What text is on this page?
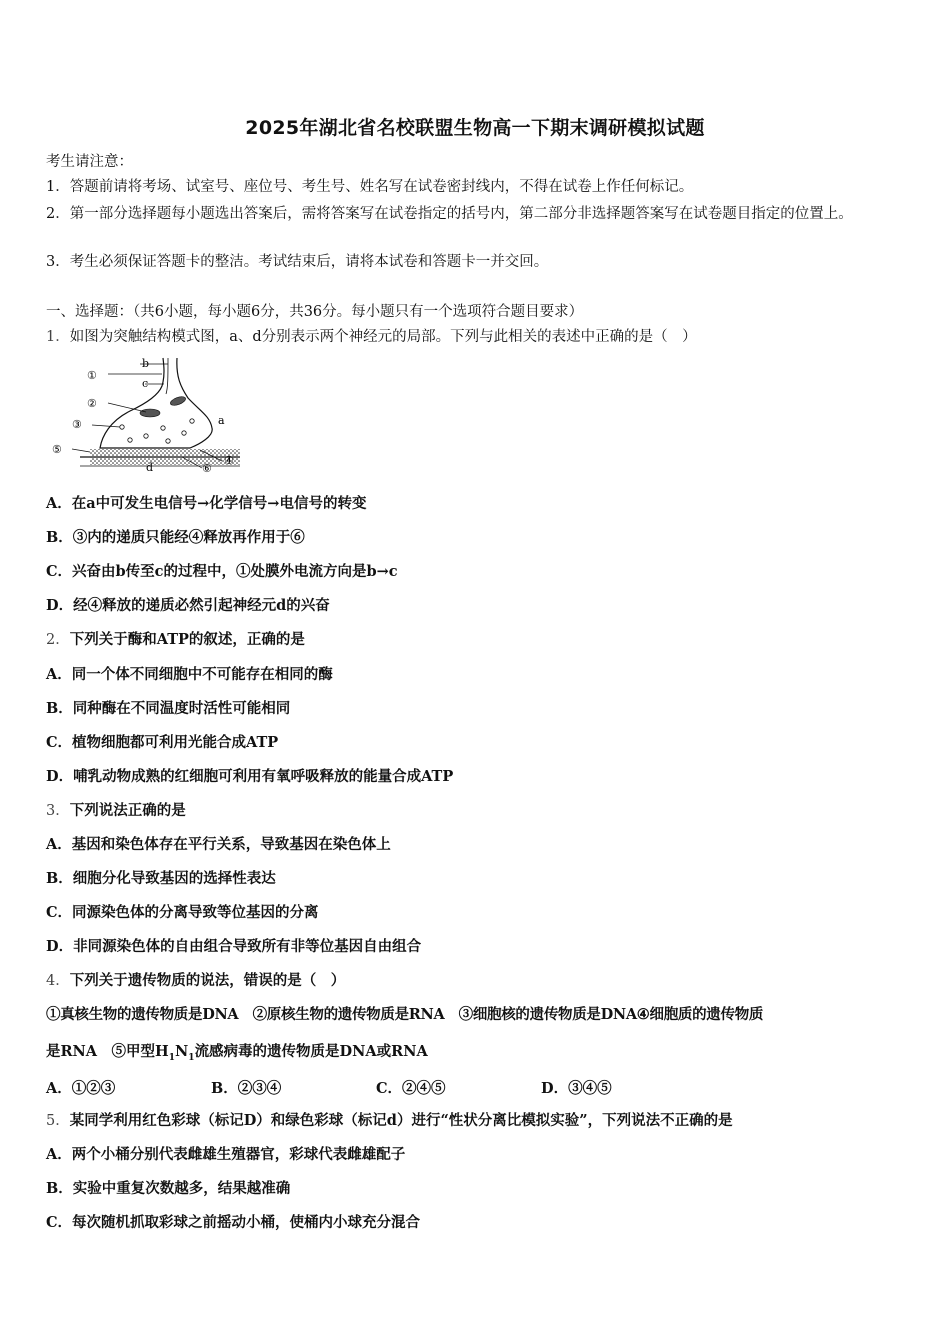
2025年湖北省名校联盟生物高一下期末调研模拟试题
考生请注意：
1．答题前请将考场、试室号、座位号、考生号、姓名写在试卷密封线内，不得在试卷上作任何标记。
2．第一部分选择题每小题选出答案后，需将答案写在试卷指定的括号内，第二部分非选择题答案写在试卷题目指定的位置上。
3．考生必须保证答题卡的整洁。考试结束后，请将本试卷和答题卡一并交回。
一、选择题：（共6小题，每小题6分，共36分。每小题只有一个选项符合题目要求）
1．如图为突触结构模式图，a、d分别表示两个神经元的局部。下列与此相关的表述中正确的是（　）
①
②
③
④
⑤
⑥
a
b
c
d
A．在a中可发生电信号→化学信号→电信号的转变
B．③内的递质只能经④释放再作用于⑥
C．兴奋由b传至c的过程中，①处膜外电流方向是b→c
D．经④释放的递质必然引起神经元d的兴奋
2．下列关于酶和ATP的叙述，正确的是
A．同一个体不同细胞中不可能存在相同的酶
B．同种酶在不同温度时活性可能相同
C．植物细胞都可利用光能合成ATP
D．哺乳动物成熟的红细胞可利用有氧呼吸释放的能量合成ATP
3．下列说法正确的是
A．基因和染色体存在平行关系，导致基因在染色体上
B．细胞分化导致基因的选择性表达
C．同源染色体的分离导致等位基因的分离
D．非同源染色体的自由组合导致所有非等位基因自由组合
4．下列关于遗传物质的说法，错误的是（　）
①真核生物的遗传物质是DNA　②原核生物的遗传物质是RNA　③细胞核的遗传物质是DNA④细胞质的遗传物质
是RNA　⑤甲型$H_1N_1$流感病毒的遗传物质是DNA或RNA
A．①②③	B．②③④	C．②④⑤	D．③④⑤
5．某同学利用红色彩球（标记D）和绿色彩球（标记d）进行“性状分离比模拟实验”，下列说法不正确的是
A．两个小桶分别代表雌雄生殖器官，彩球代表雌雄配子
B．实验中重复次数越多，结果越准确
C．每次随机抓取彩球之前摇动小桶，使桶内小球充分混合
